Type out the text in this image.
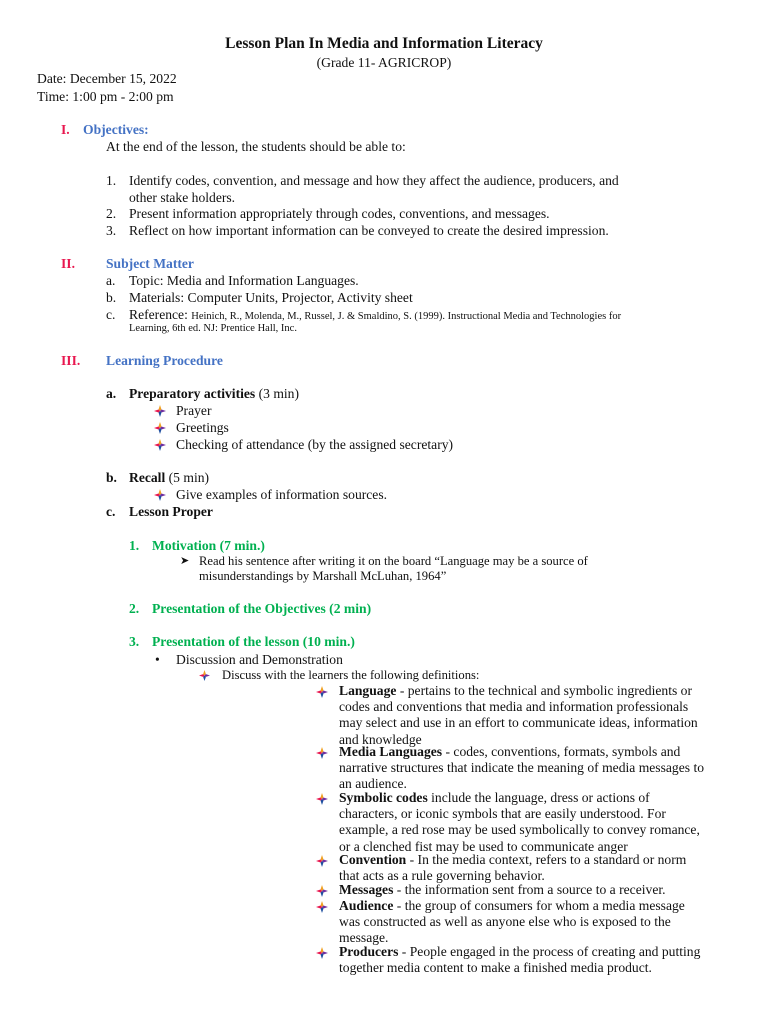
Lesson Plan In Media and Information Literacy
(Grade 11- AGRICROP)
Date: December 15, 2022
Time: 1:00 pm - 2:00 pm
I. Objectives:
At the end of the lesson, the students should be able to:
1. Identify codes, convention, and message and how they affect the audience, producers, and
other stake holders.
2. Present information appropriately through codes, conventions, and messages.
3. Reflect on how important information can be conveyed to create the desired impression.
II. Subject Matter
a. Topic: Media and Information Languages.
b. Materials: Computer Units, Projector, Activity sheet
c. Reference: Heinich, R., Molenda, M., Russel, J. & Smaldino, S. (1999). Instructional Media and Technologies for
Learning, 6th ed. NJ: Prentice Hall, Inc.
III. Learning Procedure
a. Preparatory activities (3 min)
Prayer
Greetings
Checking of attendance (by the assigned secretary)
b. Recall (5 min)
Give examples of information sources.
c. Lesson Proper
1. Motivation (7 min.)
➤ Read his sentence after writing it on the board “Language may be a source of
misunderstandings by Marshall McLuhan, 1964”
2. Presentation of the Objectives (2 min)
3. Presentation of the lesson (10 min.)
• Discussion and Demonstration
Discuss with the learners the following definitions:
Language - pertains to the technical and symbolic ingredients or
codes and conventions that media and information professionals
may select and use in an effort to communicate ideas, information
and knowledge
Media Languages - codes, conventions, formats, symbols and
narrative structures that indicate the meaning of media messages to
an audience.
Symbolic codes include the language, dress or actions of
characters, or iconic symbols that are easily understood. For
example, a red rose may be used symbolically to convey romance,
or a clenched fist may be used to communicate anger
Convention - In the media context, refers to a standard or norm
that acts as a rule governing behavior.
Messages - the information sent from a source to a receiver.
Audience - the group of consumers for whom a media message
was constructed as well as anyone else who is exposed to the
message.
Producers - People engaged in the process of creating and putting
together media content to make a finished media product.
